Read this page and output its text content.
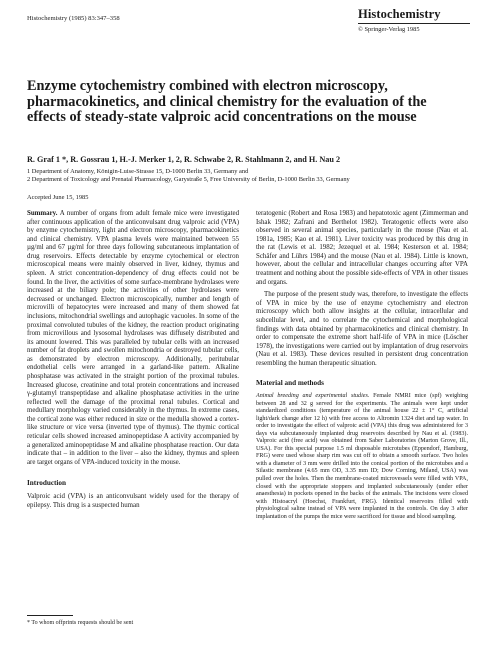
Histochemistry (1985) 83:347–358	Histochemistry
© Springer-Verlag 1985
Enzyme cytochemistry combined with electron microscopy, pharmacokinetics, and clinical chemistry for the evaluation of the effects of steady-state valproic acid concentrations on the mouse
R. Graf 1 *, R. Gossrau 1, H.-J. Merker 1, 2, R. Schwabe 2, R. Stahlmann 2, and H. Nau 2
1 Department of Anatomy, Königin-Luise-Strasse 15, D-1000 Berlin 33, Germany and
2 Department of Toxicology and Prenatal Pharmacology, Garystraße 5, Free University of Berlin, D-1000 Berlin 33, Germany
Accepted June 15, 1985

Summary. A number of organs from adult female mice were investigated after continuous application of the anticonvulsant drug valproic acid (VPA) by enzyme cytochemistry, light and electron microscopy, pharmacokinetics and clinical chemistry. VPA plasma levels were maintained between 55 µg/ml and 67 µg/ml for three days following subcutaneous implantation of drug reservoirs. Effects detectable by enzyme cytochemical or electron microscopical means were mainly observed in liver, kidney, thymus and spleen. A strict concentration-dependency of drug effects could not be found. In the liver, the activities of some surface-membrane hydrolases were increased at the biliary pole; the activities of other hydrolases were decreased or unchanged. Electron microscopically, number and length of microvilli of hepatocytes were increased and many of them showed fat inclusions, mitochondrial swellings and autophagic vacuoles. In some of the proximal convoluted tubules of the kidney, the reaction product originating from microvillous and lysosomal hydrolases was diffusely distributed and its amount lowered. This was paralleled by tubular cells with an increased number of fat droplets and swollen mitochondria or destroyed tubular cells, as demonstrated by electron microscopy. Additionally, peritubular endothelial cells were arranged in a garland-like pattern. Alkaline phosphatase was activated in the straight portion of the proximal tubules. Increased glucose, creatinine and total protein concentrations and increased γ-glutamyl transpeptidase and alkaline phosphatase activities in the urine reflected well the damage of the proximal renal tubules. Cortical and medullary morphology varied considerably in the thymus. In extreme cases, the cortical zone was either reduced in size or the medulla showed a cortex-like structure or vice versa (inverted type of thymus). The thymic cortical reticular cells showed increased aminopeptidase A activity accompanied by a generalized aminopeptidase M and alkaline phosphatase reaction. Our data indicate that – in addition to the liver – also the kidney, thymus and spleen are target organs of VPA-induced toxicity in the mouse.

Introduction

Valproic acid (VPA) is an anticonvulsant widely used for the therapy of epilepsy. This drug is a suspected human

* To whom offprints requests should be sent

teratogenic (Robert and Rosa 1983) and hepatotoxic agent (Zimmerman and Ishak 1982; Zafrani and Berthelot 1982). Teratogenic effects were also observed in several animal species, particularly in the mouse (Nau et al. 1981a, 1985; Kao et al. 1981). Liver toxicity was produced by this drug in the rat (Lewis et al. 1982; Jezequel et al. 1984; Kesterson et al. 1984; Schäfer and Lührs 1984) and the mouse (Nau et al. 1984). Little is known, however, about the cellular and intracellular changes occurring after VPA treatment and nothing about the possible side-effects of VPA in other tissues and organs.

The purpose of the present study was, therefore, to investigate the effects of VPA in mice by the use of enzyme cytochemistry and electron microscopy which both allow insights at the cellular, intracellular and subcellular level, and to correlate the cytochemical and morphological findings with data obtained by pharmacokinetics and clinical chemistry. In order to compensate the extreme short half-life of VPA in mice (Löscher 1978), the investigations were carried out by implantation of drug reservoirs (Nau et al. 1983). These devices resulted in persistent drug concentration resembling the human therapeutic situation.

Material and methods

Animal breeding and experimental studies. Female NMRI mice (spf) weighing between 28 and 32 g served for the experiments. The animals were kept under standardized conditions (temperature of the animal house 22 ± 1° C, artificial light/dark change after 12 h) with free access to Altromin 1324 diet and tap water. In order to investigate the effect of valproic acid (VPA) this drug was administered for 3 days via subcutaneously implanted drug reservoirs described by Nau et al. (1983). Valproic acid (free acid) was obtained from Saber Laboratories (Marton Grove, Ill., USA). For this special purpose 1.5 ml disposable microtubes (Eppendorf, Hamburg, FRG) were used whose sharp rim was cut off to obtain a smooth surface. Two holes with a diameter of 3 mm were drilled into the conical portion of the microtubes and a Silastic membrane (4.65 mm OD, 3.35 mm ID; Dow Corning, Miland, USA) was pulled over the holes. Then the membrane-coated microvessels were filled with VPA, closed with the appropriate stoppers and implanted subcutaneously (under ether anaesthesia) in pockets opened in the backs of the animals. The incisions were closed with Histoacryl (Hoechst, Frankfurt, FRG). Identical reservoirs filled with physiological saline instead of VPA were implanted in the controls. On day 3 after implantation of the pumps the mice were sacrificed for tissue and blood sampling.
